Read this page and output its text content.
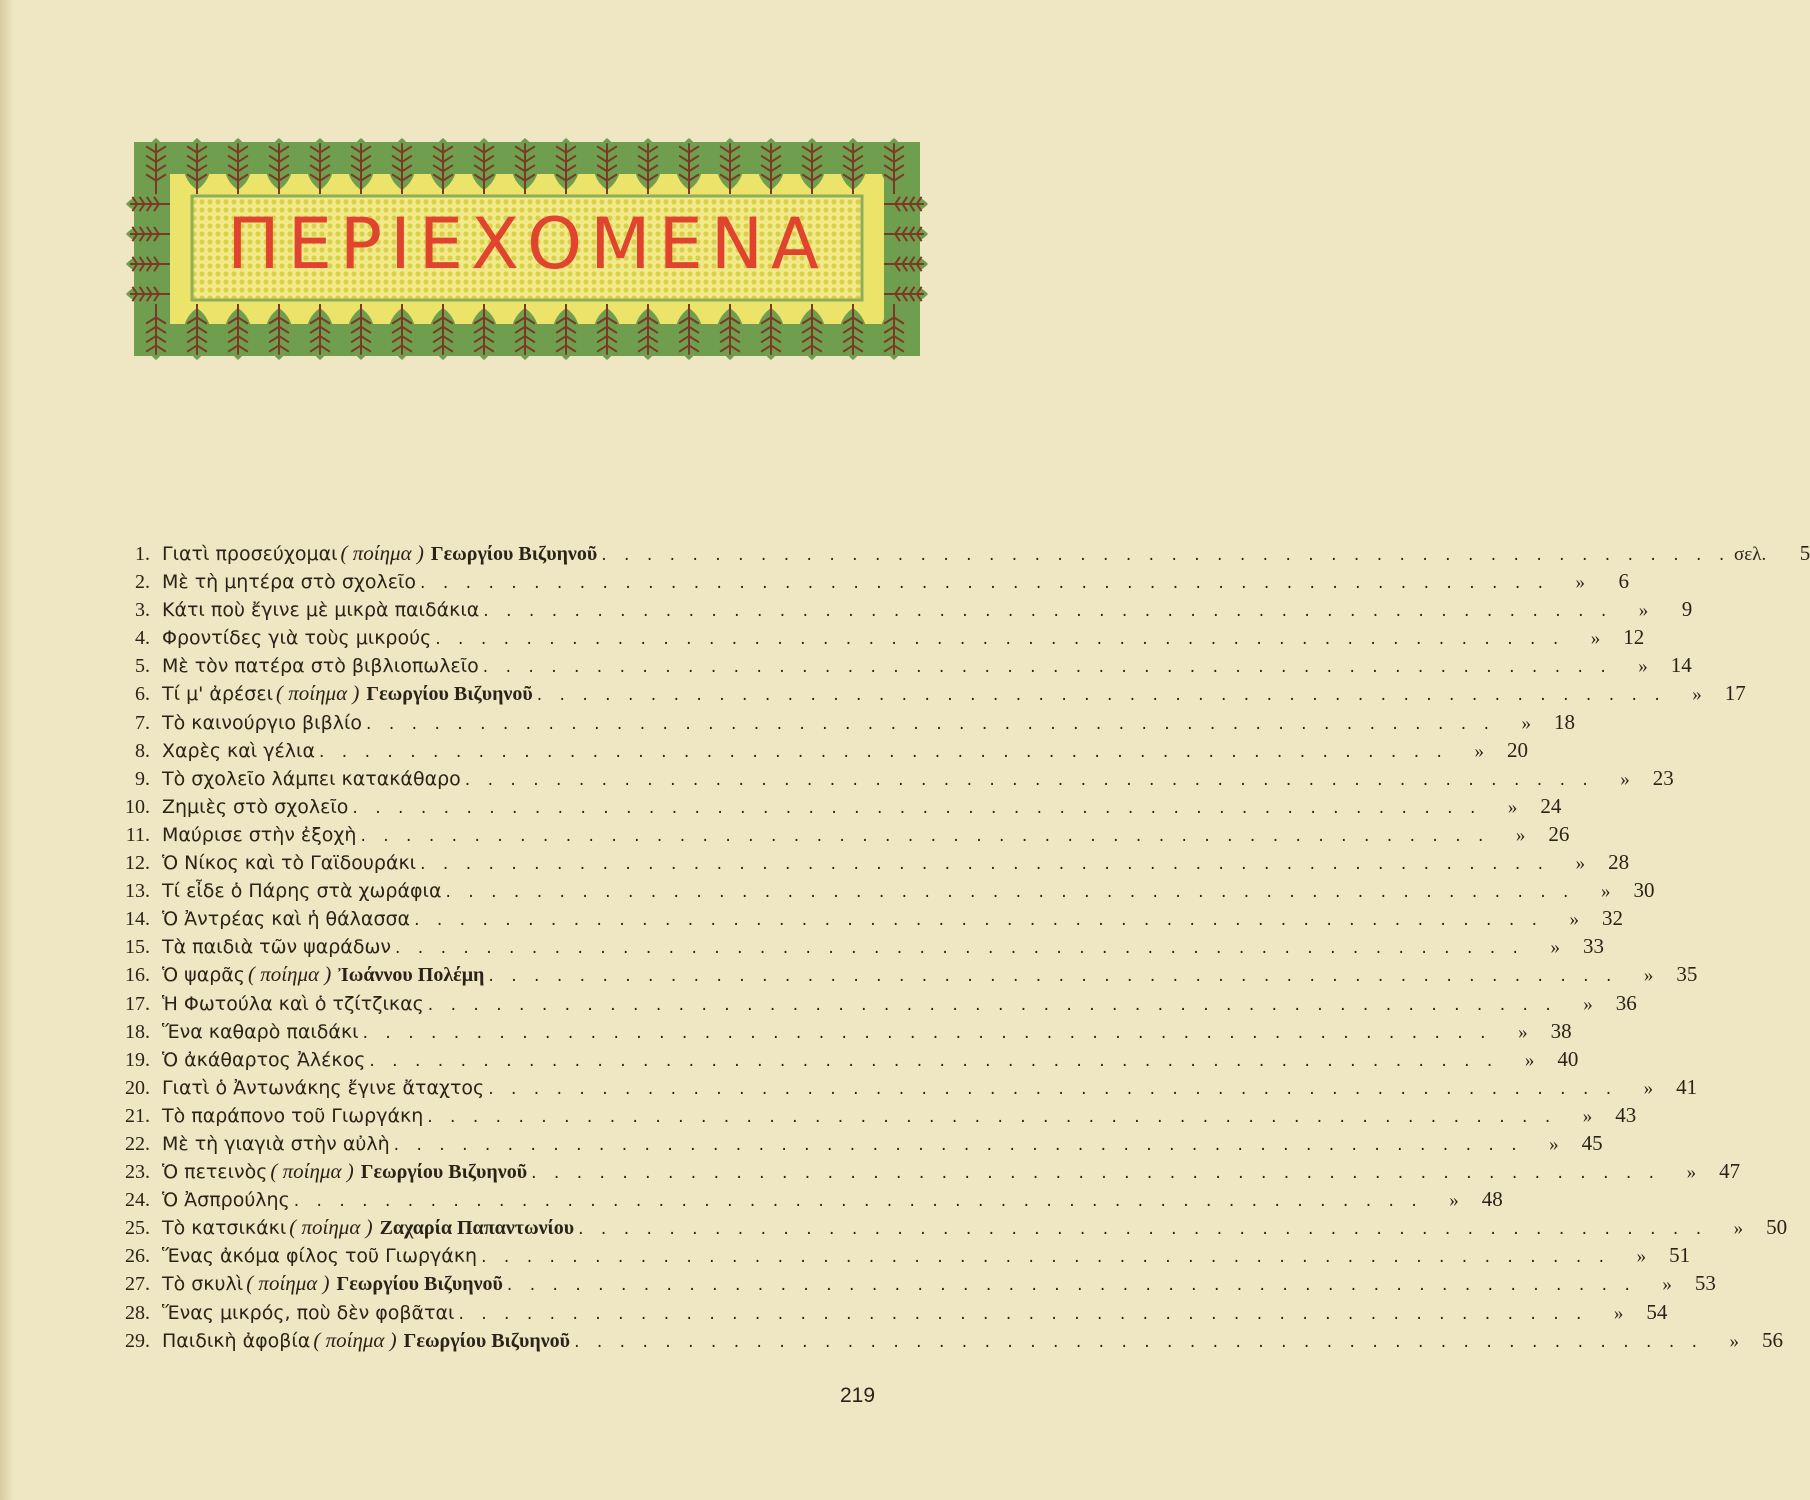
ΠΕΡΙΕΧΟΜΕΝΑ
1. Γιατὶ προσεύχομαι ( ποίημα ) Γεωργίου Βιζυηνοῦ . . . . . . . . . . . . . . . . . . . . . . . . . . . . . . . . . . . . . . . . . . . . . . . . . . σελ.	5
2. Μὲ τὴ μητέρα στὸ σχολεῖο . . . . . . . . . . . . . . . . . . . . . . . . . . . . . . . . . . . . . . . . . . . . . . . . . .	»	6
3. Κάτι ποὺ ἔγινε μὲ μικρὰ παιδάκια . . . . . . . . . . . . . . . . . . . . . . . . . . . . . . . . . . . . . . . . . . . . . . . . . .	»	9
4. Φροντίδες γιὰ τοὺς μικρούς . . . . . . . . . . . . . . . . . . . . . . . . . . . . . . . . . . . . . . . . . . . . . . . . . .	»	12
5. Μὲ τὸν πατέρα στὸ βιβλιοπωλεῖο . . . . . . . . . . . . . . . . . . . . . . . . . . . . . . . . . . . . . . . . . . . . . . . . . .	»	14
6. Τί μ' ἀρέσει ( ποίημα ) Γεωργίου Βιζυηνοῦ . . . . . . . . . . . . . . . . . . . . . . . . . . . . . . . . . . . . . . . . . . . . . . . . . .	»	17
7. Τὸ καινούργιο βιβλίο . . . . . . . . . . . . . . . . . . . . . . . . . . . . . . . . . . . . . . . . . . . . . . . . . .	»	18
8. Χαρὲς καὶ γέλια . . . . . . . . . . . . . . . . . . . . . . . . . . . . . . . . . . . . . . . . . . . . . . . . . .	»	20
9. Τὸ σχολεῖο λάμπει κατακάθαρο . . . . . . . . . . . . . . . . . . . . . . . . . . . . . . . . . . . . . . . . . . . . . . . . . .	»	23
10. Ζημιὲς στὸ σχολεῖο . . . . . . . . . . . . . . . . . . . . . . . . . . . . . . . . . . . . . . . . . . . . . . . . . .	»	24
11. Μαύρισε στὴν ἐξοχὴ . . . . . . . . . . . . . . . . . . . . . . . . . . . . . . . . . . . . . . . . . . . . . . . . . .	»	26
12. Ὁ Νίκος καὶ τὸ Γαϊδουράκι . . . . . . . . . . . . . . . . . . . . . . . . . . . . . . . . . . . . . . . . . . . . . . . . . .	»	28
13. Τί εἶδε ὁ Πάρης στὰ χωράφια . . . . . . . . . . . . . . . . . . . . . . . . . . . . . . . . . . . . . . . . . . . . . . . . . .	»	30
14. Ὁ Ἀντρέας καὶ ἡ θάλασσα . . . . . . . . . . . . . . . . . . . . . . . . . . . . . . . . . . . . . . . . . . . . . . . . . .	»	32
15. Τὰ παιδιὰ τῶν ψαράδων . . . . . . . . . . . . . . . . . . . . . . . . . . . . . . . . . . . . . . . . . . . . . . . . . .	»	33
16. Ὁ ψαρᾶς ( ποίημα ) Ἰωάννου Πολέμη . . . . . . . . . . . . . . . . . . . . . . . . . . . . . . . . . . . . . . . . . . . . . . . . . .	»	35
17. Ἡ Φωτούλα καὶ ὁ τζίτζικας . . . . . . . . . . . . . . . . . . . . . . . . . . . . . . . . . . . . . . . . . . . . . . . . . .	»	36
18. Ἕνα καθαρὸ παιδάκι . . . . . . . . . . . . . . . . . . . . . . . . . . . . . . . . . . . . . . . . . . . . . . . . . .	»	38
19. Ὁ ἀκάθαρτος Ἀλέκος . . . . . . . . . . . . . . . . . . . . . . . . . . . . . . . . . . . . . . . . . . . . . . . . . .	»	40
20. Γιατὶ ὁ Ἀντωνάκης ἔγινε ἄταχτος . . . . . . . . . . . . . . . . . . . . . . . . . . . . . . . . . . . . . . . . . . . . . . . . . .	»	41
21. Τὸ παράπονο τοῦ Γιωργάκη . . . . . . . . . . . . . . . . . . . . . . . . . . . . . . . . . . . . . . . . . . . . . . . . . .	»	43
22. Μὲ τὴ γιαγιὰ στὴν αὐλὴ . . . . . . . . . . . . . . . . . . . . . . . . . . . . . . . . . . . . . . . . . . . . . . . . . .	»	45
23. Ὁ πετεινὸς ( ποίημα ) Γεωργίου Βιζυηνοῦ . . . . . . . . . . . . . . . . . . . . . . . . . . . . . . . . . . . . . . . . . . . . . . . . . .	»	47
24. Ὁ Ἀσπρούλης . . . . . . . . . . . . . . . . . . . . . . . . . . . . . . . . . . . . . . . . . . . . . . . . . .	»	48
25. Τὸ κατσικάκι ( ποίημα ) Ζαχαρία Παπαντωνίου . . . . . . . . . . . . . . . . . . . . . . . . . . . . . . . . . . . . . . . . . . . . . . . . . .	»	50
26. Ἕνας ἀκόμα φίλος τοῦ Γιωργάκη . . . . . . . . . . . . . . . . . . . . . . . . . . . . . . . . . . . . . . . . . . . . . . . . . .	»	51
27. Τὸ σκυλὶ ( ποίημα ) Γεωργίου Βιζυηνοῦ . . . . . . . . . . . . . . . . . . . . . . . . . . . . . . . . . . . . . . . . . . . . . . . . . .	»	53
28. Ἕνας μικρός, ποὺ δὲν φοβᾶται . . . . . . . . . . . . . . . . . . . . . . . . . . . . . . . . . . . . . . . . . . . . . . . . . .	»	54
29. Παιδικὴ ἀφοβία ( ποίημα ) Γεωργίου Βιζυηνοῦ . . . . . . . . . . . . . . . . . . . . . . . . . . . . . . . . . . . . . . . . . . . . . . . . . .	»	56
219
